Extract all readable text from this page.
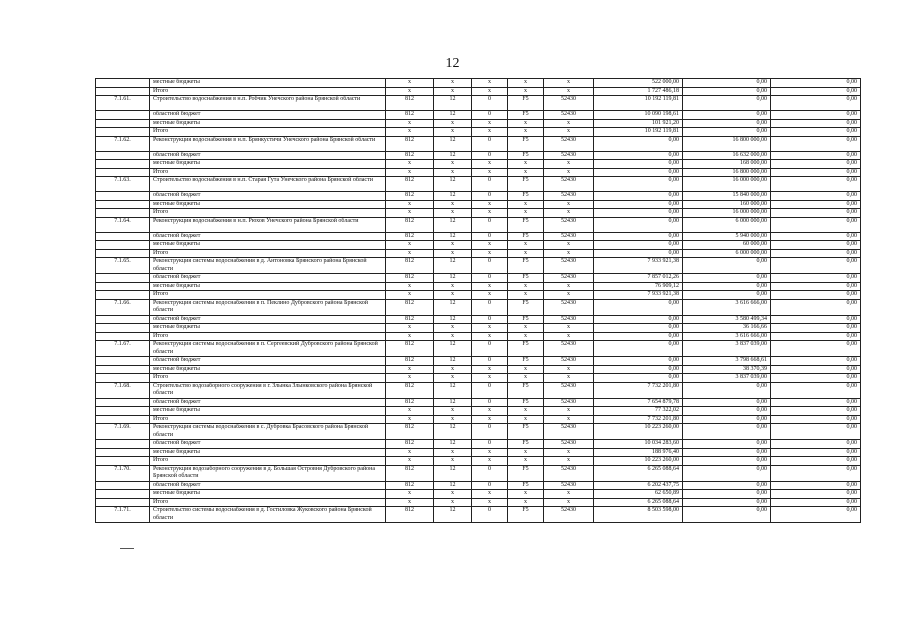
12
	местные бюджеты	х	х	х	х	х	522 000,00	0,00	0,00
	Итого	х	х	х	х	х	1 727 486,18	0,00	0,00
7.1.61.	Строительство водоснабжения в н.п. Робчик Унечского района Брянской области	812	12	0	F5	52430	10 192 119,81	0,00	0,00
	областной бюджет	812	12	0	F5	52430	10 090 198,61	0,00	0,00
	местные бюджеты	х	х	х	х	х	101 921,20	0,00	0,00
	Итого	х	х	х	х	х	10 192 119,81	0,00	0,00
7.1.62.	Реконструкция водоснабжения в н.п. Брянкустичи Унечского района Брянской области	812	12	0	F5	52430	0,00	16 800 000,00	0,00
	областной бюджет	812	12	0	F5	52430	0,00	16 632 000,00	0,00
	местные бюджеты	х	х	х	х	х	0,00	168 000,00	0,00
	Итого	х	х	х	х	х	0,00	16 800 000,00	0,00
7.1.63.	Строительство водоснабжения в н.п. Старая Гута Унечского района Брянской области	812	12	0	F5	52430	0,00	16 000 000,00	0,00
	областной бюджет	812	12	0	F5	52430	0,00	15 840 000,00	0,00
	местные бюджеты	х	х	х	х	х	0,00	160 000,00	0,00
	Итого	х	х	х	х	х	0,00	16 000 000,00	0,00
7.1.64.	Реконструкция водоснабжения в н.п. Рюхов Унечского района Брянской области	812	12	0	F5	52430	0,00	6 000 000,00	0,00
	областной бюджет	812	12	0	F5	52430	0,00	5 940 000,00	0,00
	местные бюджеты	х	х	х	х	х	0,00	60 000,00	0,00
	Итого	х	х	х	х	х	0,00	6 000 000,00	0,00
7.1.65.	Реконструкция системы водоснабжения в д. Антоновка Брянского района Брянской области	812	12	0	F5	52430	7 933 921,38	0,00	0,00
	областной бюджет	812	12	0	F5	52430	7 857 012,26	0,00	0,00
	местные бюджеты	х	х	х	х	х	76 909,12	0,00	0,00
	Итого	х	х	х	х	х	7 933 921,38	0,00	0,00
7.1.66.	Реконструкция системы водоснабжения в п. Пеклино Дубровского района Брянской области	812	12	0	F5	52430	0,00	3 616 666,00	0,00
	областной бюджет	812	12	0	F5	52430	0,00	3 580 499,34	0,00
	местные бюджеты	х	х	х	х	х	0,00	36 166,66	0,00
	Итого	х	х	х	х	х	0,00	3 616 666,00	0,00
7.1.67.	Реконструкция системы водоснабжения в п. Сергеевский Дубровского района Брянской области	812	12	0	F5	52430	0,00	3 837 039,00	0,00
	областной бюджет	812	12	0	F5	52430	0,00	3 798 668,61	0,00
	местные бюджеты	х	х	х	х	х	0,00	38 370,39	0,00
	Итого	х	х	х	х	х	0,00	3 837 039,00	0,00
7.1.68.	Строительство водозаборного сооружения в г. Злынка Злынковского района Брянской области	812	12	0	F5	52430	7 732 201,80	0,00	0,00
	областной бюджет	812	12	0	F5	52430	7 654 879,78	0,00	0,00
	местные бюджеты	х	х	х	х	х	77 322,02	0,00	0,00
	Итого	х	х	х	х	х	7 732 201,80	0,00	0,00
7.1.69.	Реконструкция системы водоснабжения в с. Дубровка Брасовского района Брянской области	812	12	0	F5	52430	10 223 260,00	0,00	0,00
	областной бюджет	812	12	0	F5	52430	10 034 283,60	0,00	0,00
	местные бюджеты	х	х	х	х	х	188 976,40	0,00	0,00
	Итого	х	х	х	х	х	10 223 260,00	0,00	0,00
7.1.70.	Реконструкция водозаборного сооружения в д. Большая Островня Дубровского района Брянской области	812	12	0	F5	52430	6 265 088,64	0,00	0,00
	областной бюджет	812	12	0	F5	52430	6 202 437,75	0,00	0,00
	местные бюджеты	х	х	х	х	х	62 650,89	0,00	0,00
	Итого	х	х	х	х	х	6 265 088,64	0,00	0,00
7.1.71.	Строительство системы водоснабжения в д. Гостиловка Жуковского района Брянской области	812	12	0	F5	52430	8 503 598,00	0,00	0,00
